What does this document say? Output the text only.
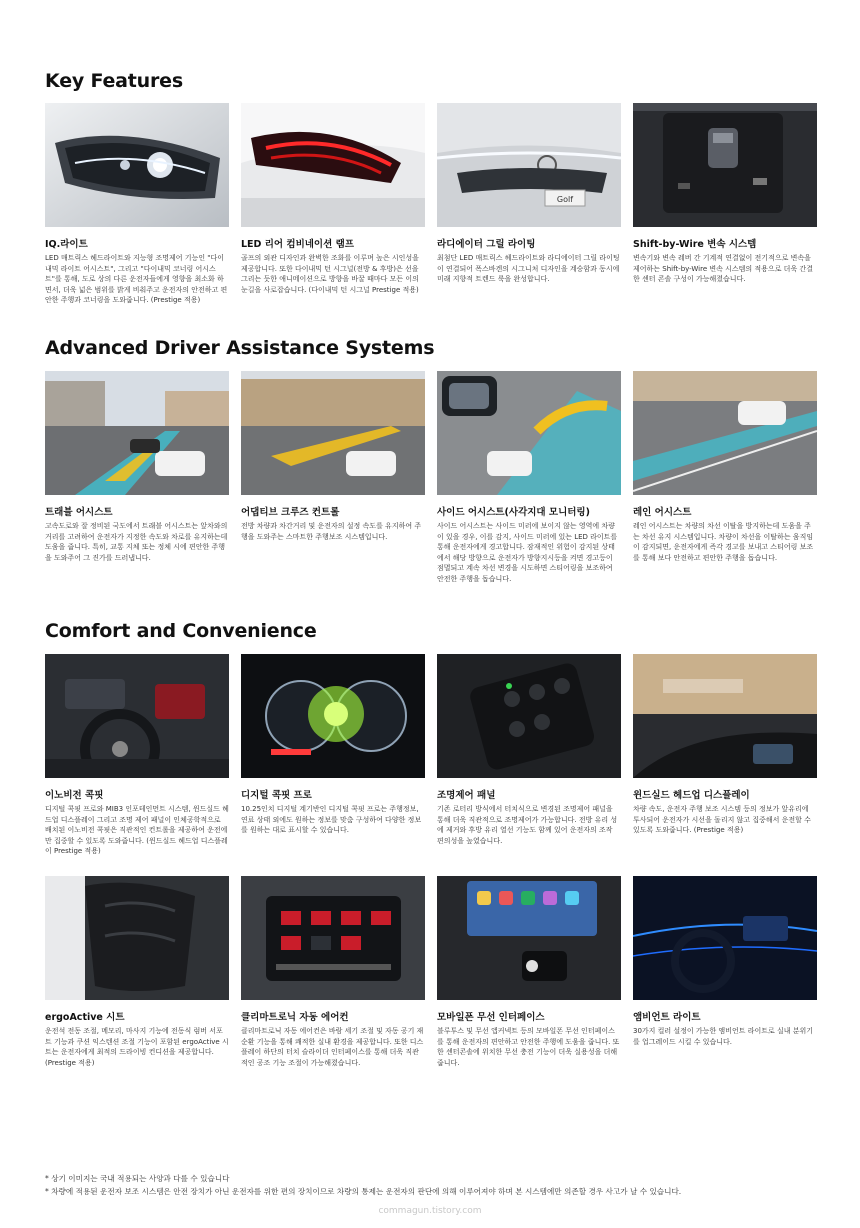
Key Features
IQ.라이트
LED 매트릭스 헤드라이트와 지능형 조명제어 기능인 "다이내믹 라이트 어시스트", 그리고 "다이내믹 코너링 어시스트"를 통해, 도로 상의 다른 운전자들에게 영향을 최소화 하면서, 더욱 넓은 범위를 밝게 비춰주고 운전자의 안전하고 편안한 주행과 코너링을 도와줍니다. (Prestige 적용)
LED 리어 컴비네이션 램프
골프의 외관 디자인과 완벽한 조화를 이루며 높은 시인성을 제공합니다. 또한 다이내믹 턴 시그널(전방 & 후방)은 선을 그리는 듯한 애니메이션으로 방향을 바꿀 때마다 모든 이의 눈길을 사로잡습니다. (다이내믹 턴 시그널 Prestige 적용)
Golf
라디에이터 그릴 라이팅
최첨단 LED 매트릭스 헤드라이트와 라디에이터 그릴 라이팅이 연결되어 폭스바겐의 시그니처 디자인을 계승함과 동시에 미래 지향적 트렌드 룩을 완성합니다.
Shift-by-Wire 변속 시스템
변속기와 변속 레버 간 기계적 연결없이 전기적으로 변속을 제어하는 Shift-by-Wire 변속 시스템의 적용으로 더욱 간결한 센터 콘솔 구성이 가능해졌습니다.
Advanced Driver Assistance Systems
트래블 어시스트
고속도로와 잘 정비된 국도에서 트래블 어시스트는 앞차와의 거리를 고려하여 운전자가 지정한 속도와 차로를 유지하는데 도움을 줍니다. 특히, 교통 지체 또는 정체 시에 편안한 주행을 도와주어 그 진가를 드러냅니다.
어댑티브 크루즈 컨트롤
전방 차량과 차간거리 및 운전자의 설정 속도를 유지하여 주행을 도와주는 스마트한 주행보조 시스템입니다.
사이드 어시스트(사각지대 모니터링)
사이드 어시스트는 사이드 미러에 보이지 않는 영역에 차량이 있을 경우, 이를 감지, 사이드 미러에 있는 LED 라이트를 통해 운전자에게 경고합니다. 잠재적인 위험이 감지된 상태에서 해당 방향으로 운전자가 방향지시등을 켜면 경고등이 점멸되고 계속 차선 변경을 시도하면 스티어링을 보조하여 안전한 주행을 돕습니다.
레인 어시스트
레인 어시스트는 차량의 차선 이탈을 방지하는데 도움을 주는 차선 유지 시스템입니다. 차량이 차선을 이탈하는 움직임이 감지되면, 운전자에게 즉각 경고를 보내고 스티어링 보조를 통해 보다 안전하고 편안한 주행을 돕습니다.
Comfort and Convenience
이노비전 콕핏
디지털 콕핏 프로와 MIB3 인포테인먼트 시스템, 윈드실드 헤드업 디스플레이 그리고 조명 제어 패널이 인체공학적으로 배치된 이노비전 콕핏은 직관적인 컨트롤을 제공하여 운전에만 집중할 수 있도록 도와줍니다. (윈드실드 헤드업 디스플레이 Prestige 적용)
디지털 콕핏 프로
10.25인치 디지털 계기반인 디지털 콕핏 프로는 주행정보, 연료 상태 외에도 원하는 정보를 맞춤 구성하여 다양한 정보를 원하는 대로 표시할 수 있습니다.
조명제어 패널
기존 로터리 방식에서 터치식으로 변경된 조명제어 패널을 통해 더욱 직관적으로 조명제어가 가능합니다. 전방 유리 성에 제거와 후방 유리 열선 기능도 함께 있어 운전자의 조작 편의성을 높였습니다.
윈드실드 헤드업 디스플레이
차량 속도, 운전자 주행 보조 시스템 등의 정보가 앞유리에 투사되어 운전자가 시선을 돌리지 않고 집중해서 운전할 수 있도록 도와줍니다. (Prestige 적용)
ergoActive 시트
운전석 전동 조절, 메모리, 마사지 기능에 전동식 럼버 서포트 기능과 쿠션 익스텐션 조절 기능이 포함된 ergoActive 시트는 운전자에게 최적의 드라이빙 컨디션을 제공합니다. (Prestige 적용)
클리마트로닉 자동 에어컨
클리마트로닉 자동 에어컨은 바람 세기 조절 및 자동 공기 재순환 기능을 통해 쾌적한 실내 환경을 제공합니다. 또한 디스플레이 하단의 터치 슬라이더 인터페이스를 통해 더욱 직관적인 공조 기능 조절이 가능해졌습니다.
모바일폰 무선 인터페이스
블루투스 및 무선 앱커넥트 등의 모바일폰 무선 인터페이스를 통해 운전자의 편안하고 안전한 주행에 도움을 줍니다. 또한 센터콘솔에 위치한 무선 충전 기능이 더욱 실용성을 더해줍니다.
앰비언트 라이트
30가지 컬러 설정이 가능한 앰비언트 라이트로 실내 분위기를 업그레이드 시킬 수 있습니다.
* 상기 이미지는 국내 적용되는 사양과 다를 수 있습니다
* 차량에 적용된 운전자 보조 시스템은 안전 장치가 아닌 운전자를 위한 편의 장치이므로 차량의 통제는 운전자의 판단에 의해 이루어져야 하며 본 시스템에만 의존할 경우 사고가 날 수 있습니다.
commagun.tistory.com
